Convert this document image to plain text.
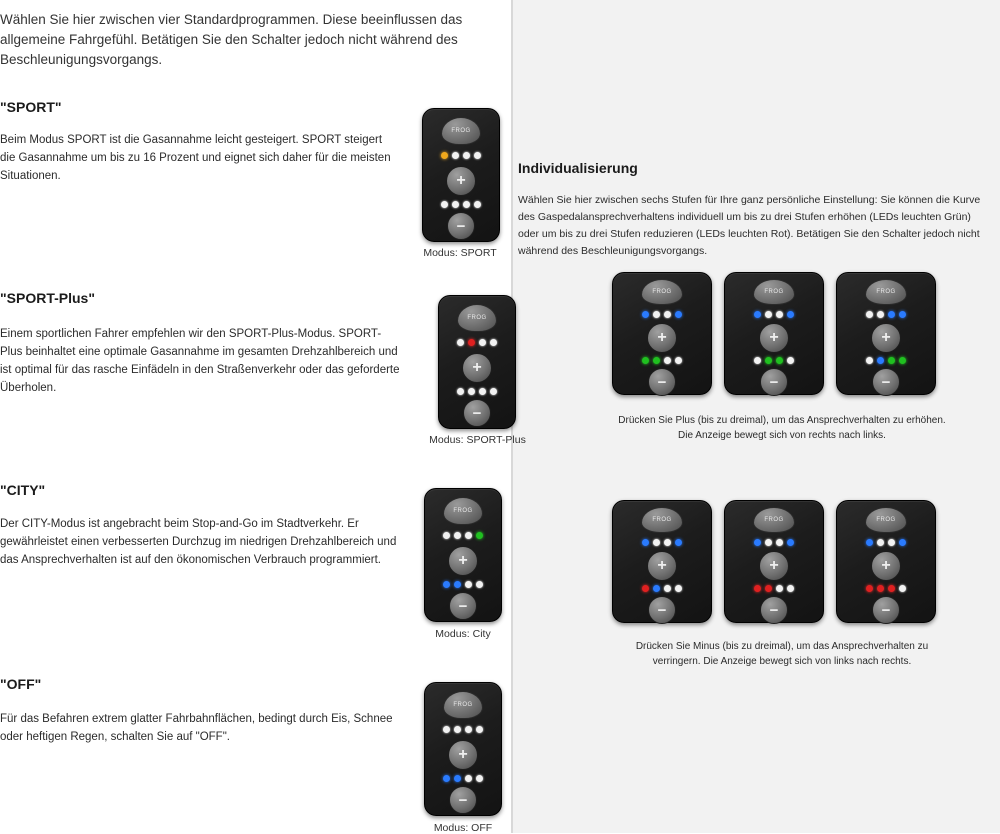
Wählen Sie hier zwischen vier Standardprogrammen. Diese beeinflussen das allgemeine Fahrgefühl. Betätigen Sie den Schalter jedoch nicht während des Beschleunigungsvorgangs.
"SPORT"
Beim Modus SPORT ist die Gasannahme leicht gesteigert. SPORT steigert die Gasannahme um bis zu 16 Prozent und eignet sich daher für die meisten Situationen.
"SPORT-Plus"
Einem sportlichen Fahrer empfehlen wir den SPORT-Plus-Modus. SPORT-Plus beinhaltet eine optimale Gasannahme im gesamten Drehzahlbereich und ist optimal für das rasche Einfädeln in den Straßenverkehr oder das geforderte Überholen.
"CITY"
Der CITY-Modus ist angebracht beim Stop-and-Go im Stadtverkehr. Er gewährleistet einen verbesserten Durchzug im niedrigen Drehzahlbereich und das Ansprechverhalten ist auf den ökonomischen Verbrauch programmiert.
"OFF"
Für das Befahren extrem glatter Fahrbahnflächen, bedingt durch Eis, Schnee oder heftigen Regen, schalten Sie auf "OFF".
FROG
+
−
Modus: SPORT
FROG
+
−
Modus: SPORT-Plus
FROG
+
−
Modus: City
FROG
+
−
Modus: OFF
Individualisierung
Wählen Sie hier zwischen sechs Stufen für Ihre ganz persönliche Einstellung: Sie können die Kurve des Gaspedalansprechverhaltens individuell um bis zu drei Stufen erhöhen (LEDs leuchten Grün) oder um bis zu drei Stufen reduzieren (LEDs leuchten Rot). Betätigen Sie den Schalter jedoch nicht während des Beschleunigungsvorgangs.
FROG
+
−
FROG
+
−
FROG
+
−
Drücken Sie Plus (bis zu dreimal), um das Ansprechverhalten zu erhöhen. Die Anzeige bewegt sich von rechts nach links.
FROG
+
−
FROG
+
−
FROG
+
−
Drücken Sie Minus (bis zu dreimal), um das Ansprechverhalten zu verringern. Die Anzeige bewegt sich von links nach rechts.
